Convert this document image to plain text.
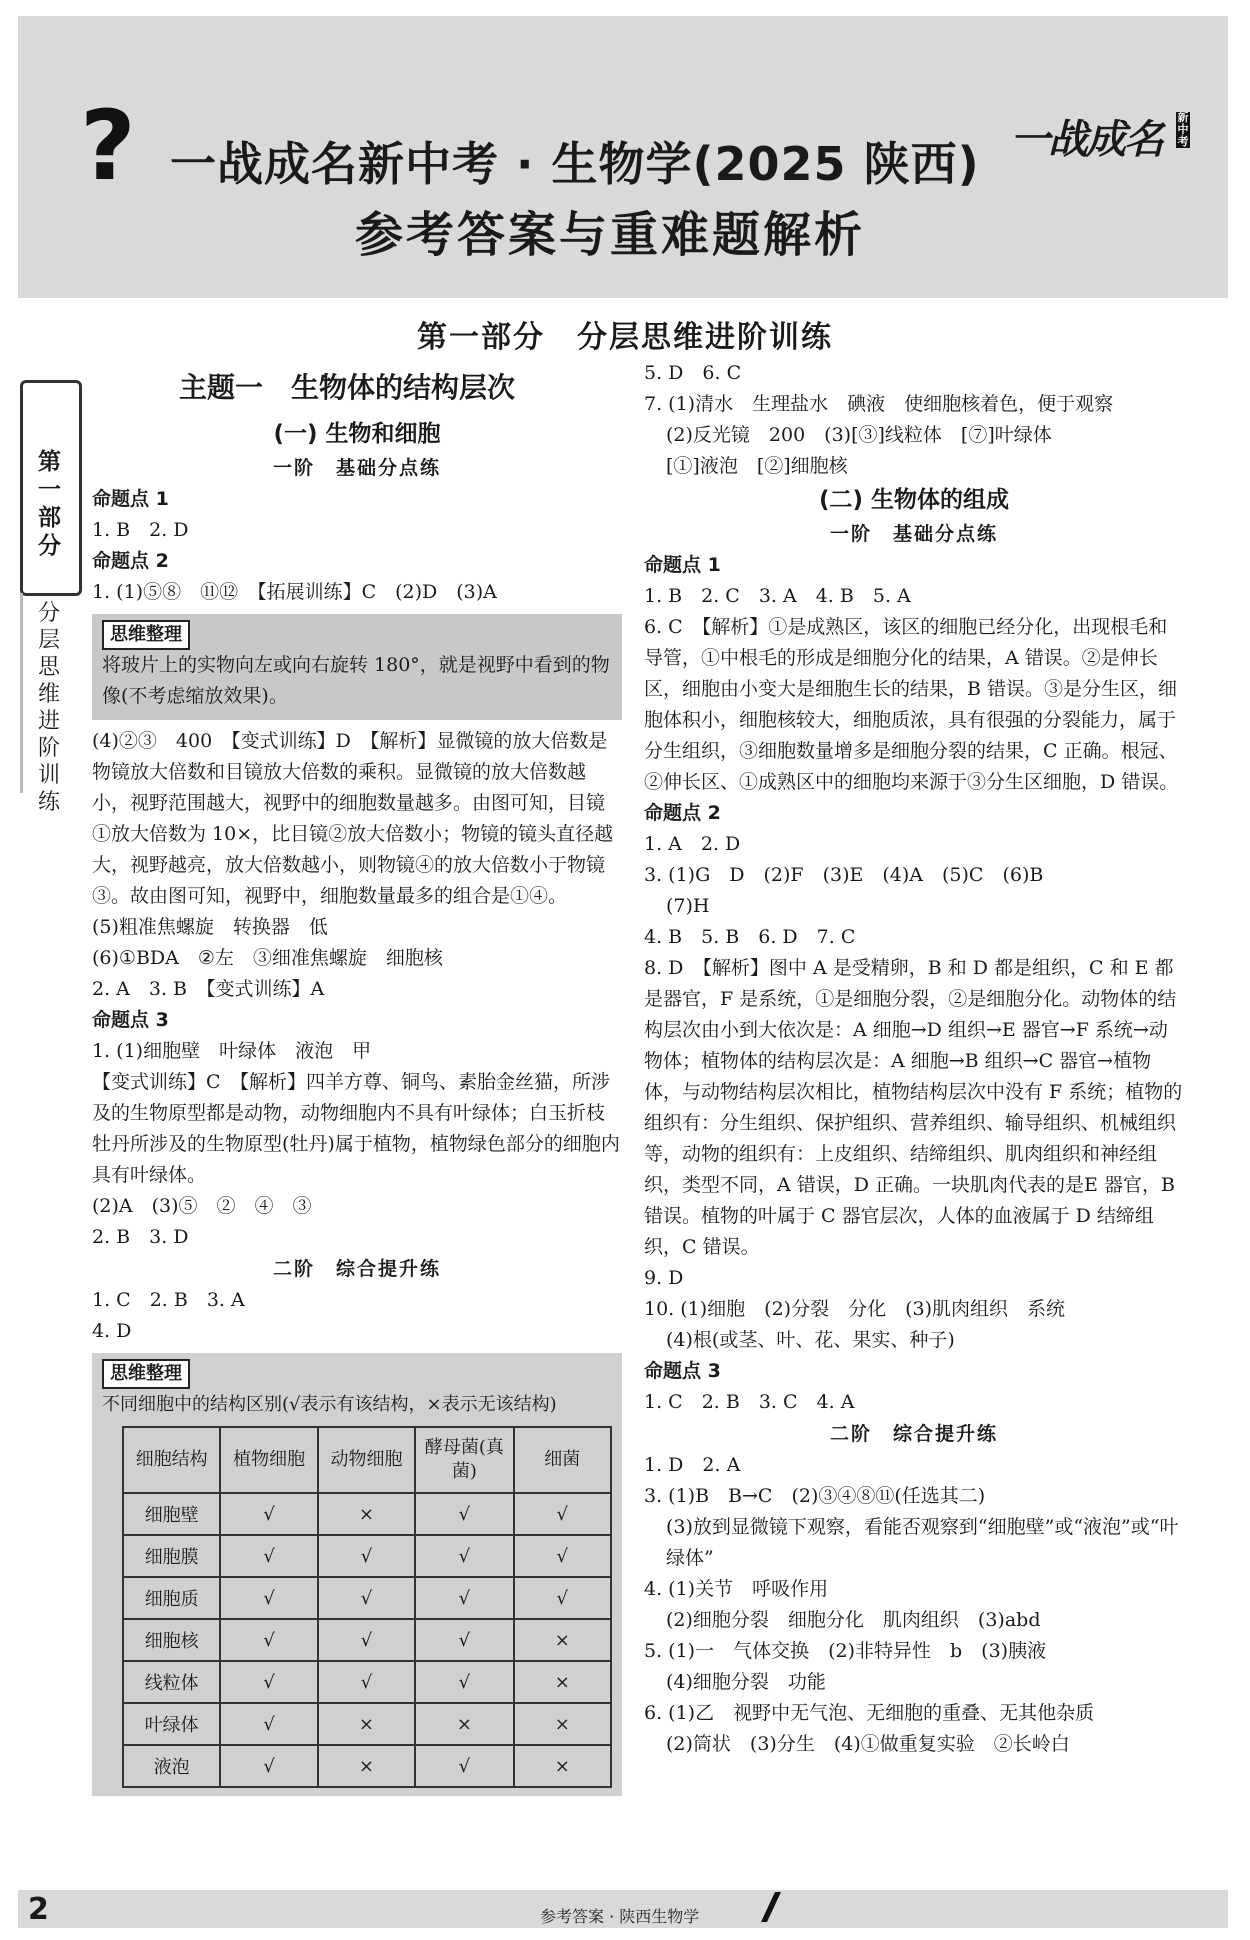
? 一战成名新中考 · 生物学(2025 陕西)
参考答案与重难题解析
一战成名 新中考
第一部分　分层思维进阶训练
第一部分
分层思维进阶训练
主题一　生物体的结构层次
(一) 生物和细胞
一阶　基础分点练
命题点 1
1. B　2. D
命题点 2
1. (1)⑤⑧　⑪⑫　【拓展训练】C　(2)D　(3)A
思维整理
将玻片上的实物向左或向右旋转 180°，就是视野中看到的物像(不考虑缩放效果)。
(4)②③　400　【变式训练】D　【解析】显微镜的放大倍数是物镜放大倍数和目镜放大倍数的乘积。显微镜的放大倍数越小，视野范围越大，视野中的细胞数量越多。由图可知，目镜①放大倍数为 10×，比目镜②放大倍数小；物镜的镜头直径越大，视野越亮，放大倍数越小，则物镜④的放大倍数小于物镜③。故由图可知，视野中，细胞数量最多的组合是①④。
(5)粗准焦螺旋　转换器　低
(6)①BDA　②左　③细准焦螺旋　细胞核
2. A　3. B　【变式训练】A
命题点 3
1. (1)细胞壁　叶绿体　液泡　甲
【变式训练】C　【解析】四羊方尊、铜鸟、素胎金丝猫，所涉及的生物原型都是动物，动物细胞内不具有叶绿体；白玉折枝牡丹所涉及的生物原型(牡丹)属于植物，植物绿色部分的细胞内具有叶绿体。
(2)A　(3)⑤　②　④　③
2. B　3. D
二阶　综合提升练
1. C　2. B　3. A
4. D
思维整理
不同细胞中的结构区别(√表示有该结构，×表示无该结构)
细胞结构	植物细胞	动物细胞	酵母菌(真菌)	细菌
细胞壁	√	×	√	√
细胞膜	√	√	√	√
细胞质	√	√	√	√
细胞核	√	√	√	×
线粒体	√	√	√	×
叶绿体	√	×	×	×
液泡	√	×	√	×
5. D　6. C
7. (1)清水　生理盐水　碘液　使细胞核着色，便于观察
(2)反光镜　200　(3)[③]线粒体　[⑦]叶绿体
[①]液泡　[②]细胞核
(二) 生物体的组成
一阶　基础分点练
命题点 1
1. B　2. C　3. A　4. B　5. A
6. C　【解析】①是成熟区，该区的细胞已经分化，出现根毛和导管，①中根毛的形成是细胞分化的结果，A 错误。②是伸长区，细胞由小变大是细胞生长的结果，B 错误。③是分生区，细胞体积小，细胞核较大，细胞质浓，具有很强的分裂能力，属于分生组织，③细胞数量增多是细胞分裂的结果，C 正确。根冠、②伸长区、①成熟区中的细胞均来源于③分生区细胞，D 错误。
命题点 2
1. A　2. D
3. (1)G　D　(2)F　(3)E　(4)A　(5)C　(6)B
(7)H
4. B　5. B　6. D　7. C
8. D　【解析】图中 A 是受精卵，B 和 D 都是组织，C 和 E 都是器官，F 是系统，①是细胞分裂，②是细胞分化。动物体的结构层次由小到大依次是：A 细胞→D 组织→E 器官→F 系统→动物体；植物体的结构层次是：A 细胞→B 组织→C 器官→植物体，与动物结构层次相比，植物结构层次中没有 F 系统；植物的组织有：分生组织、保护组织、营养组织、输导组织、机械组织等，动物的组织有：上皮组织、结缔组织、肌肉组织和神经组织，类型不同，A 错误，D 正确。一块肌肉代表的是E 器官，B 错误。植物的叶属于 C 器官层次，人体的血液属于 D 结缔组织，C 错误。
9. D
10. (1)细胞　(2)分裂　分化　(3)肌肉组织　系统
(4)根(或茎、叶、花、果实、种子)
命题点 3
1. C　2. B　3. C　4. A
二阶　综合提升练
1. D　2. A
3. (1)B　B→C　(2)③④⑧⑪(任选其二)
(3)放到显微镜下观察，看能否观察到“细胞壁”或“液泡”或“叶绿体”
4. (1)关节　呼吸作用
(2)细胞分裂　细胞分化　肌肉组织　(3)abd
5. (1)一　气体交换　(2)非特异性　b　(3)胰液
(4)细胞分裂　功能
6. (1)乙　视野中无气泡、无细胞的重叠、无其他杂质
(2)筒状　(3)分生　(4)①做重复实验　②长岭白
2	参考答案 · 陕西生物学
